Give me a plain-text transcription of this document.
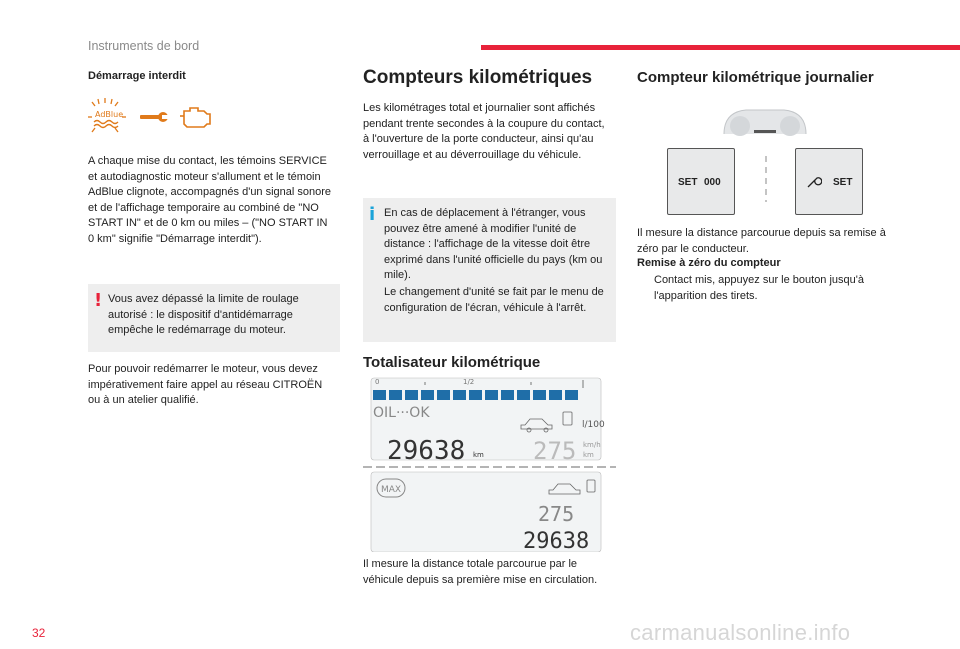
Instruments de bord
Démarrage interdit
AdBlue
A chaque mise du contact, les témoins SERVICE et autodiagnostic moteur s'allument et le témoin AdBlue clignote, accompagnés d'un signal sonore et de l'affichage temporaire au combiné de "NO START IN" et de 0 km ou miles – ("NO START IN 0 km" signifie "Démarrage interdit").
! Vous avez dépassé la limite de roulage autorisé : le dispositif d'antidémarrage empêche le redémarrage du moteur.
Pour pouvoir redémarrer le moteur, vous devez impérativement faire appel au réseau CITROËN ou à un atelier qualifié.
Compteurs kilométriques
Les kilométrages total et journalier sont affichés pendant trente secondes à la coupure du contact, à l'ouverture de la porte conducteur, ainsi qu'au verrouillage et au déverrouillage du véhicule.
i En cas de déplacement à l'étranger, vous pouvez être amené à modifier l'unité de distance : l'affichage de la vitesse doit être exprimé dans l'unité officielle du pays (km ou mile).
Le changement d'unité se fait par le menu de configuration de l'écran, véhicule à l'arrêt.
Totalisateur kilométrique
0	1/2
OIL···OK
l/100
29638 km 275 km/h
km
MAX
275
29638
Il mesure la distance totale parcourue par le véhicule depuis sa première mise en circulation.
Compteur kilométrique journalier
SET 000	SET
Il mesure la distance parcourue depuis sa remise à zéro par le conducteur.
Remise à zéro du compteur
Contact mis, appuyez sur le bouton jusqu'à l'apparition des tirets.
32	carmanualsonline.info
